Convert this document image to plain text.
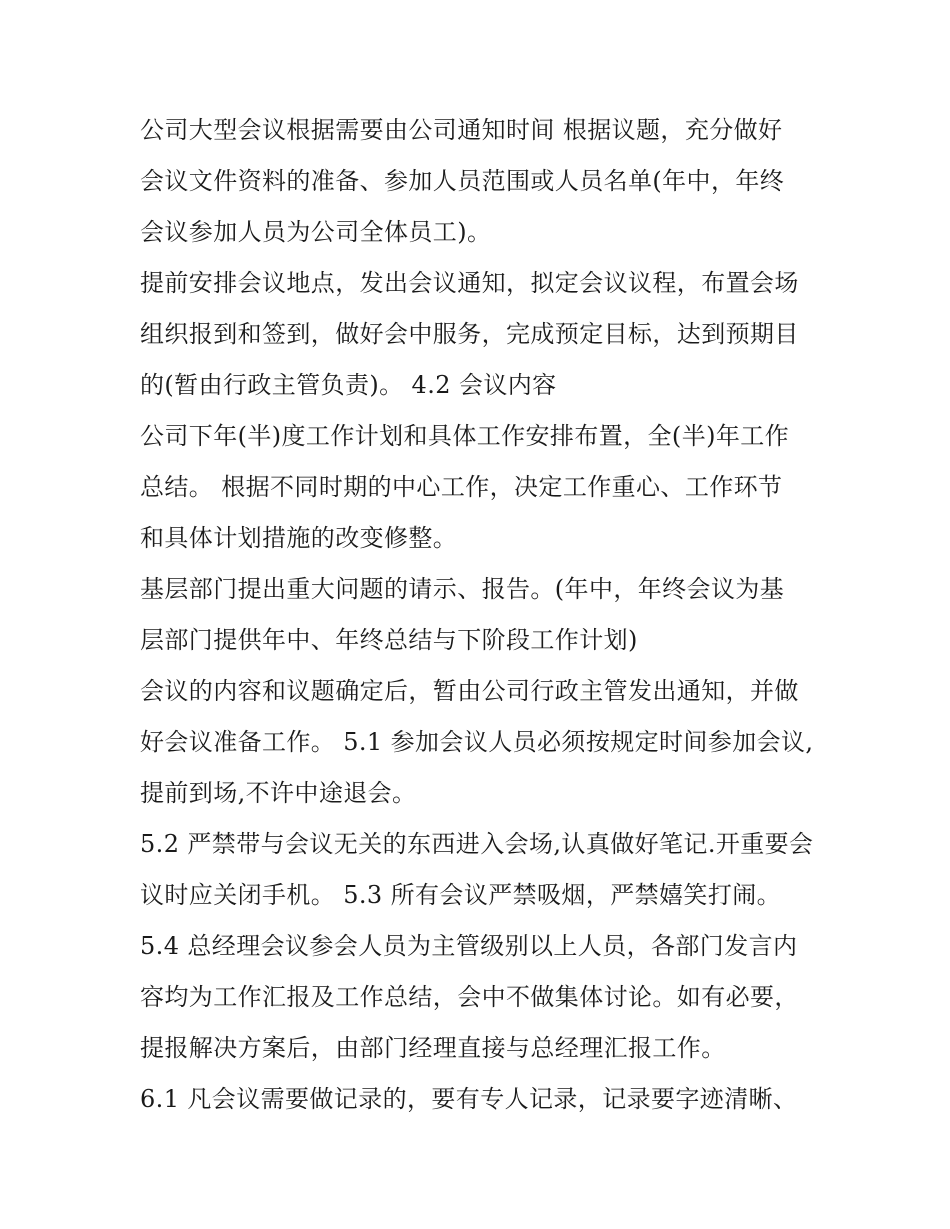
公司大型会议根据需要由公司通知时间 根据议题，充分做好
会议文件资料的准备、参加人员范围或人员名单(年中，年终
会议参加人员为公司全体员工)。
提前安排会议地点，发出会议通知，拟定会议议程，布置会场
组织报到和签到，做好会中服务，完成预定目标，达到预期目
的(暂由行政主管负责)。 4.2 会议内容
公司下年(半)度工作计划和具体工作安排布置，全(半)年工作
总结。 根据不同时期的中心工作，决定工作重心、工作环节
和具体计划措施的改变修整。
基层部门提出重大问题的请示、报告。(年中，年终会议为基
层部门提供年中、年终总结与下阶段工作计划)
会议的内容和议题确定后，暂由公司行政主管发出通知，并做
好会议准备工作。 5.1 参加会议人员必须按规定时间参加会议,
提前到场,不许中途退会。
5.2 严禁带与会议无关的东西进入会场,认真做好笔记.开重要会
议时应关闭手机。 5.3 所有会议严禁吸烟，严禁嬉笑打闹。
5.4 总经理会议参会人员为主管级别以上人员，各部门发言内
容均为工作汇报及工作总结，会中不做集体讨论。如有必要，
提报解决方案后，由部门经理直接与总经理汇报工作。
6.1 凡会议需要做记录的，要有专人记录，记录要字迹清晰、
